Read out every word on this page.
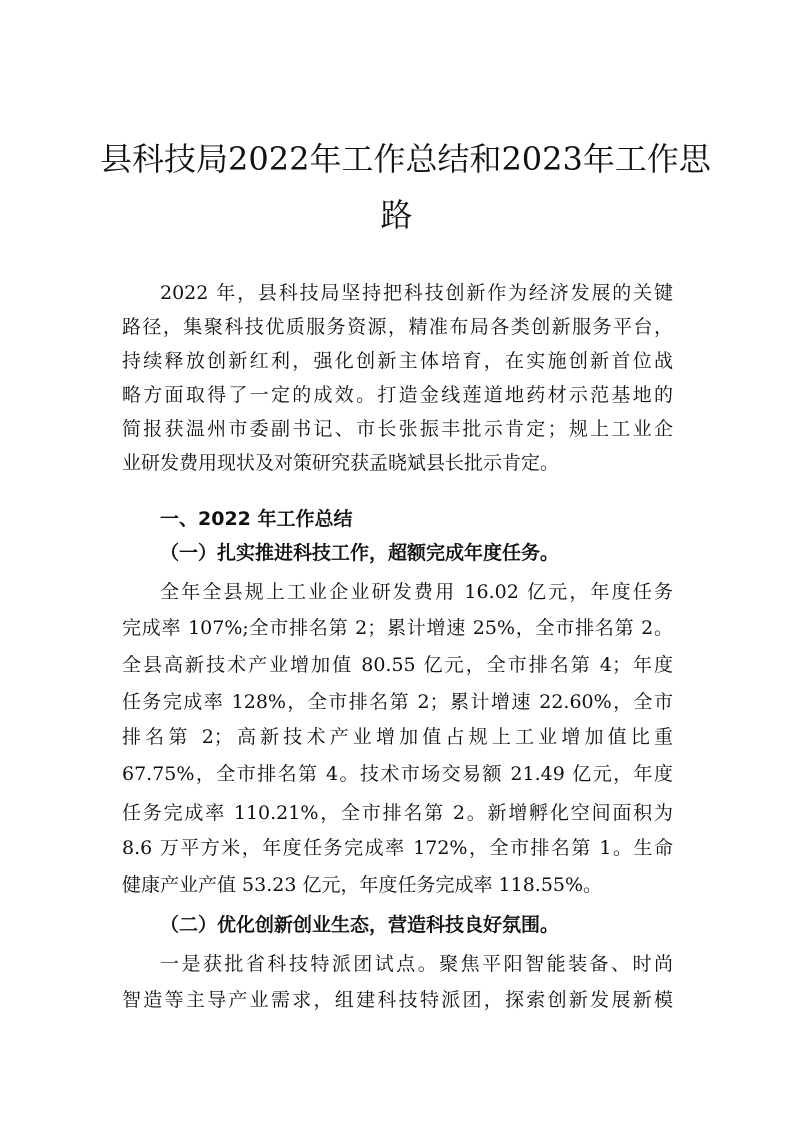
县科技局2022年工作总结和2023年工作思
路
2022 年，县科技局坚持把科技创新作为经济发展的关键
路径，集聚科技优质服务资源，精准布局各类创新服务平台，
持续释放创新红利，强化创新主体培育，在实施创新首位战
略方面取得了一定的成效。打造金线莲道地药材示范基地的
简报获温州市委副书记、市长张振丰批示肯定；规上工业企
业研发费用现状及对策研究获孟晓斌县长批示肯定。
一、2022 年工作总结
（一）扎实推进科技工作，超额完成年度任务。
全年全县规上工业企业研发费用 16.02 亿元，年度任务
完成率 107%;全市排名第 2；累计增速 25%，全市排名第 2。
全县高新技术产业增加值 80.55 亿元，全市排名第 4；年度
任务完成率 128%，全市排名第 2；累计增速 22.60%，全市
排名第 2；高新技术产业增加值占规上工业增加值比重
67.75%，全市排名第 4。技术市场交易额 21.49 亿元，年度
任务完成率 110.21%，全市排名第 2。新增孵化空间面积为
8.6 万平方米，年度任务完成率 172%，全市排名第 1。生命
健康产业产值 53.23 亿元，年度任务完成率 118.55%。
（二）优化创新创业生态，营造科技良好氛围。
一是获批省科技特派团试点。聚焦平阳智能装备、时尚
智造等主导产业需求，组建科技特派团，探索创新发展新模
